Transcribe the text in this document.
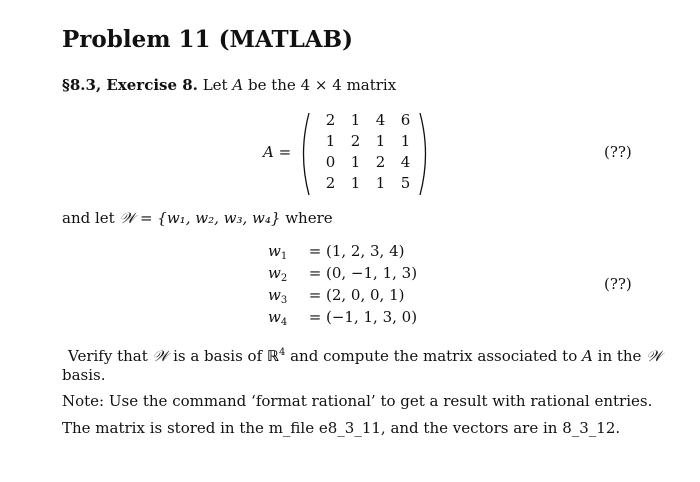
Problem 11 (MATLAB)
§8.3, Exercise 8. Let A be the 4 × 4 matrix
A =
2	1	4	6
1	2	1	1
0	1	2	4
2	1	1	5
(??)
and let 𝒲 = {w₁, w₂, w₃, w₄} where
$w_1$	= (1, 2, 3, 4)
$w_2$	= (0, −1, 1, 3)
$w_3$	= (2, 0, 0, 1)
$w_4$	= (−1, 1, 3, 0)
(??)
Verify that 𝒲 is a basis of ℝ$^4$ and compute the matrix associated to A in the 𝒲 basis.
Note: Use the command ‘format rational’ to get a result with rational entries.
The matrix is stored in the m_file e8_3_11, and the vectors are in 8_3_12.
